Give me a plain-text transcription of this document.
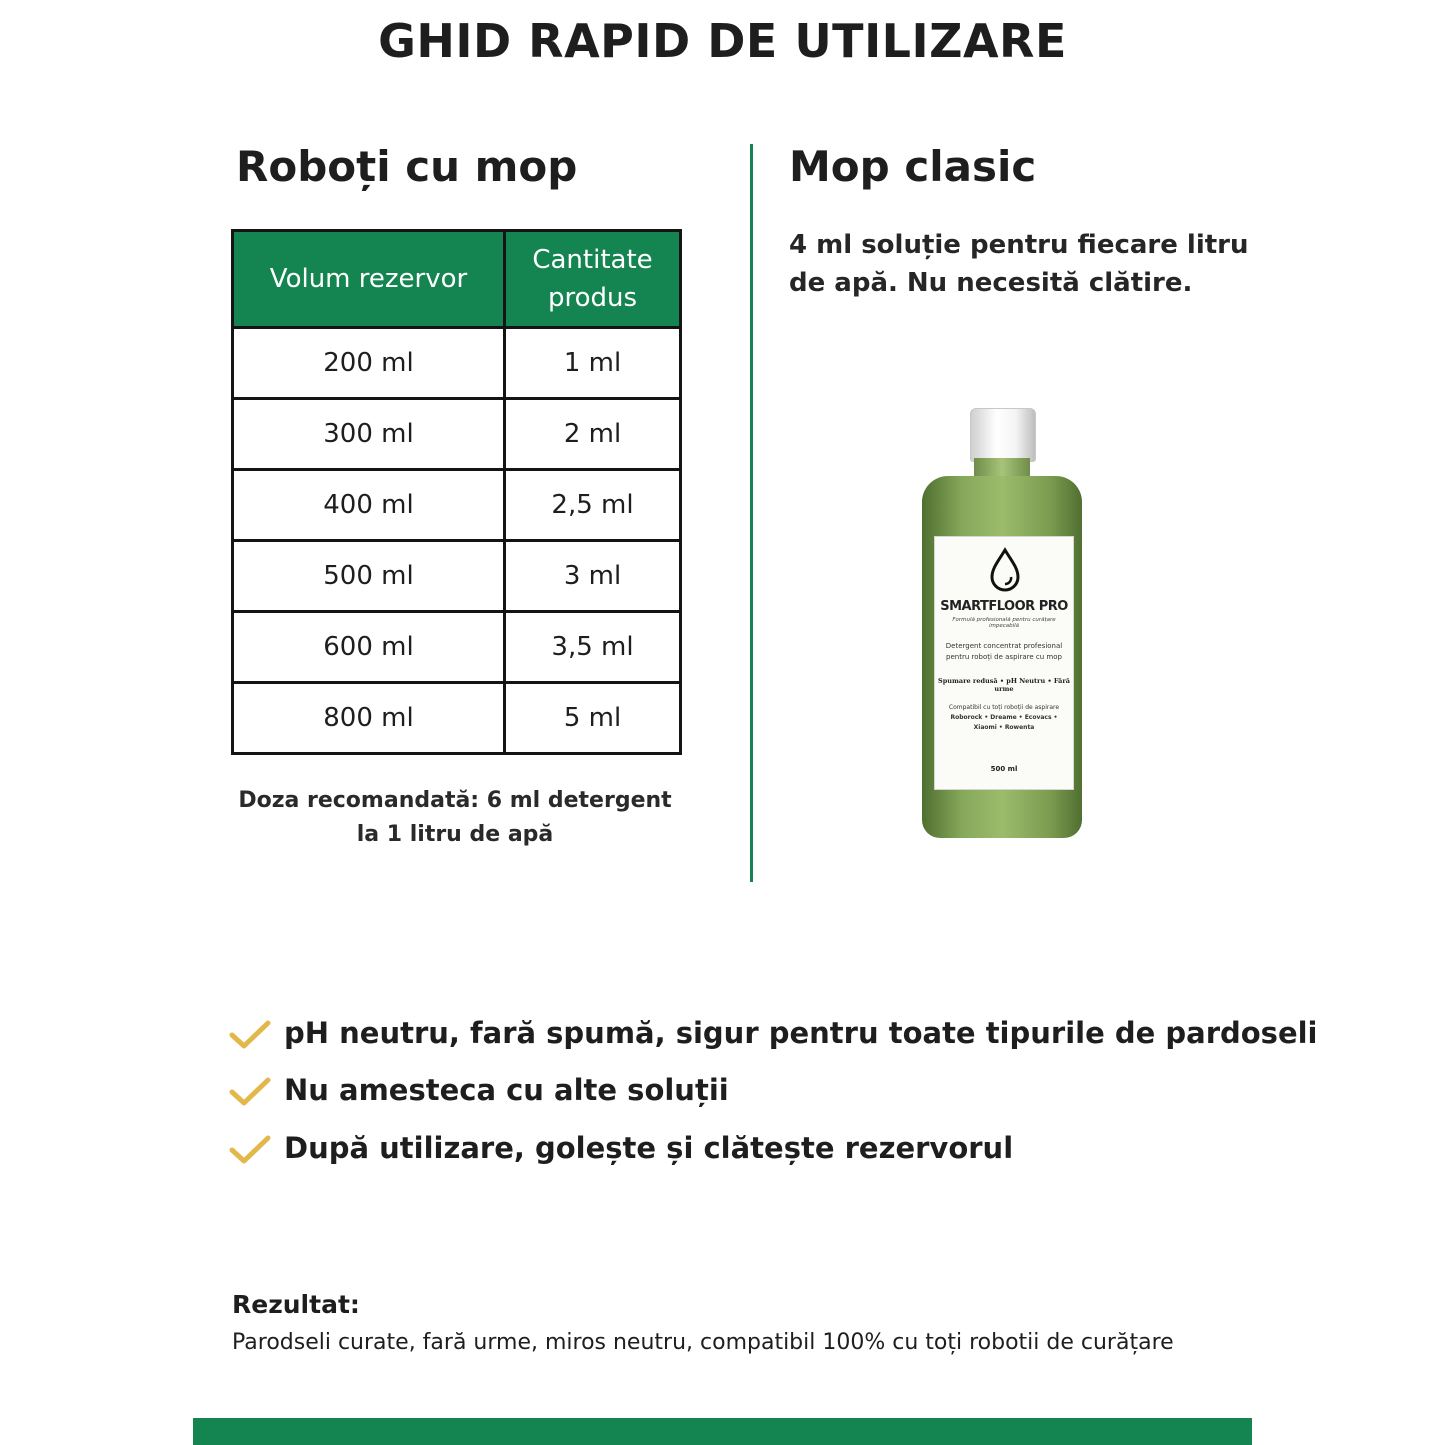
GHID RAPID DE UTILIZARE
Roboți cu mop
Volum rezervor	Cantitate produs
200 ml	1 ml
300 ml	2 ml
400 ml	2,5 ml
500 ml	3 ml
600 ml	3,5 ml
800 ml	5 ml
Doza recomandată: 6 ml detergent la 1 litru de apă
Mop clasic
4 ml soluție pentru fiecare litru de apă. Nu necesită clătire.
SMARTFLOOR PRO
Formulă profesională pentru curățare impecabilă
Detergent concentrat profesional pentru roboți de aspirare cu mop
Spumare redusă • pH Neutru • Fără urme
Compatibil cu toți roboții de aspirare
Roborock • Dreame • Ecovacs • Xiaomi • Rowenta
500 ml
pH neutru, fară spumă, sigur pentru toate tipurile de pardoseli
Nu amesteca cu alte soluții
După utilizare, golește și clătește rezervorul
Rezultat:
Parodseli curate, fară urme, miros neutru, compatibil 100% cu toți robotii de curățare
